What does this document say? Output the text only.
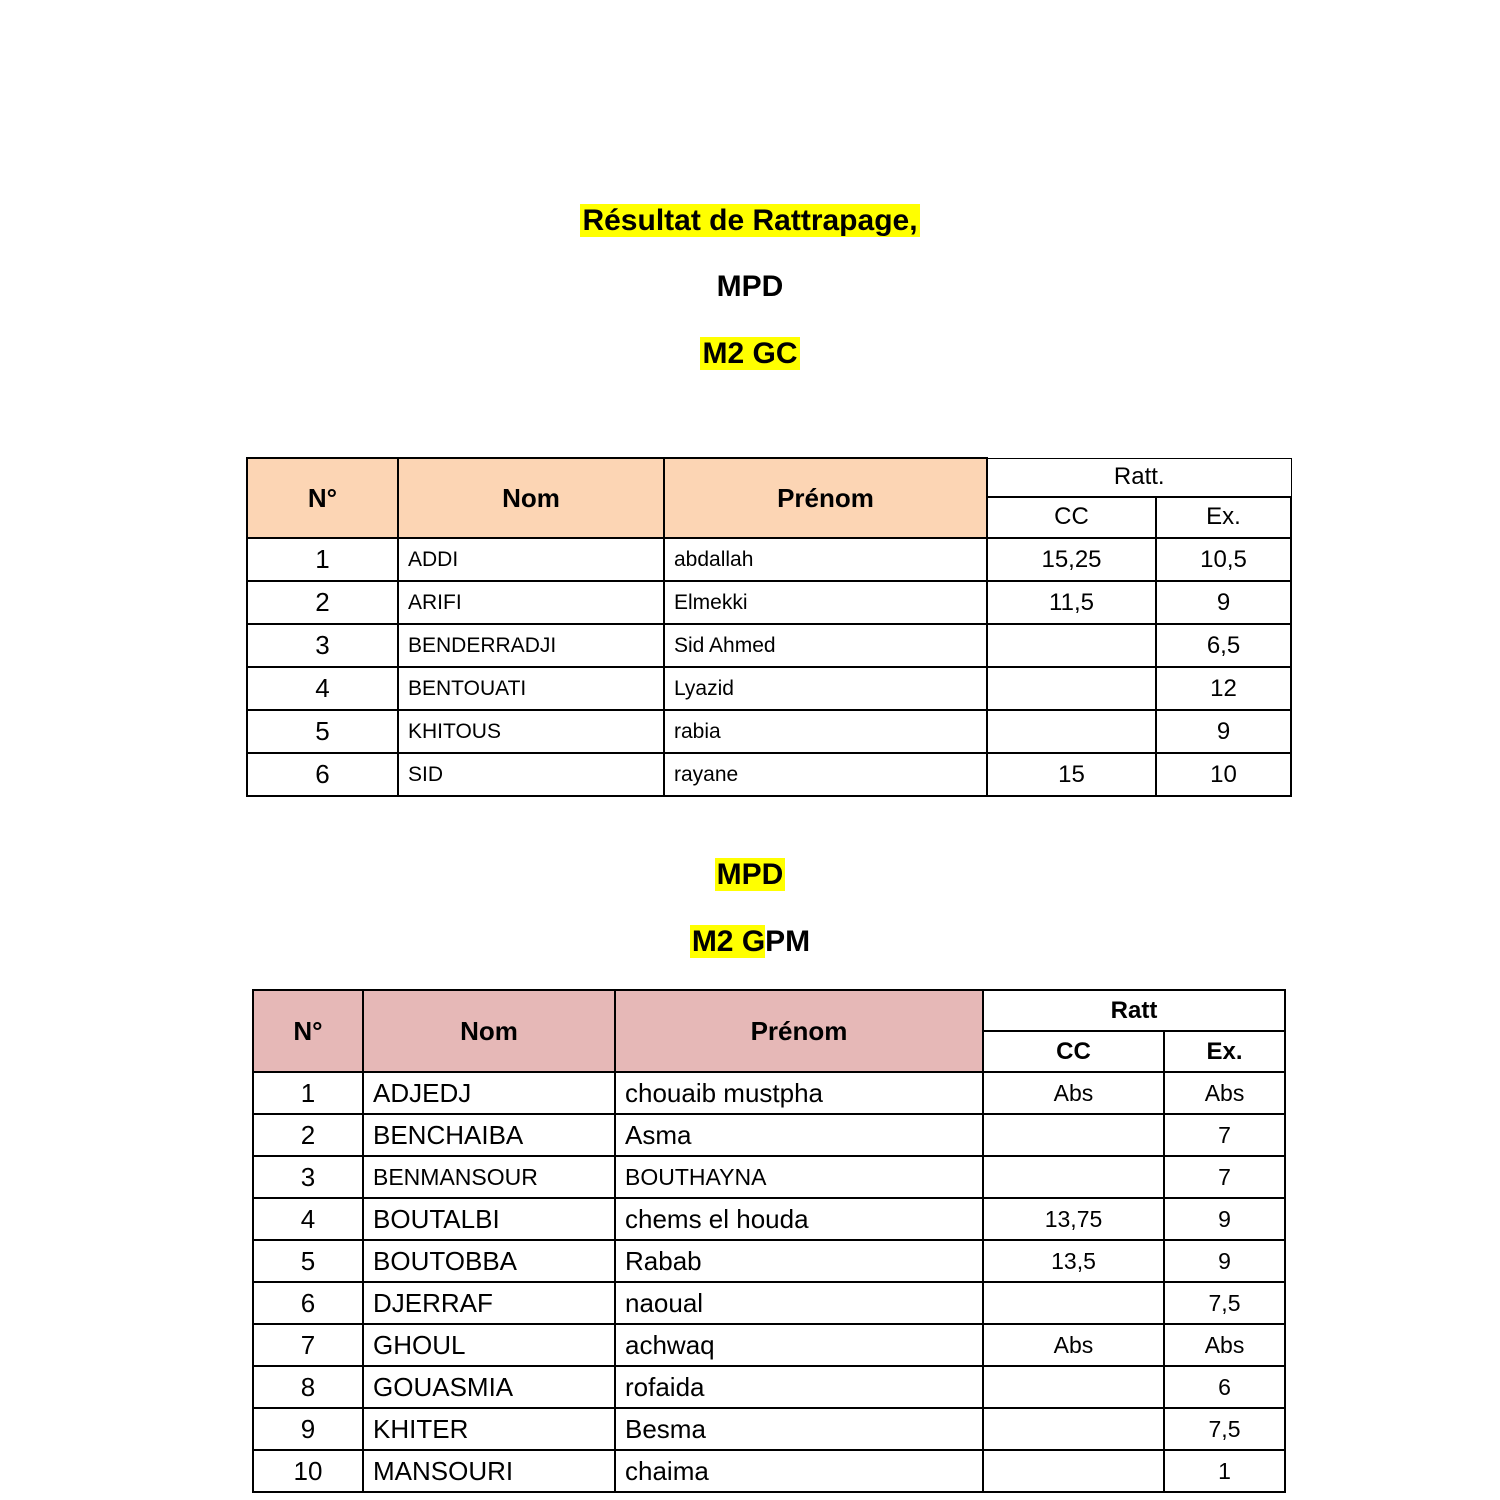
Résultat de Rattrapage,
MPD
M2 GC
N°	Nom	Prénom	Ratt.	
			CC	Ex.
1	ADDI	abdallah	15,25	10,5
2	ARIFI	Elmekki	11,5	9
3	BENDERRADJI	Sid Ahmed		6,5
4	BENTOUATI	Lyazid		12
5	KHITOUS	rabia		9
6	SID	rayane	15	10
MPD
M2 GPM
N°	Nom	Prénom	Ratt	
			CC	Ex.
1	ADJEDJ	chouaib mustpha	Abs	Abs
2	BENCHAIBA	Asma		7
3	BENMANSOUR	BOUTHAYNA		7
4	BOUTALBI	chems el houda	13,75	9
5	BOUTOBBA	Rabab	13,5	9
6	DJERRAF	naoual		7,5
7	GHOUL	achwaq	Abs	Abs
8	GOUASMIA	rofaida		6
9	KHITER	Besma		7,5
10	MANSOURI	chaima		1
